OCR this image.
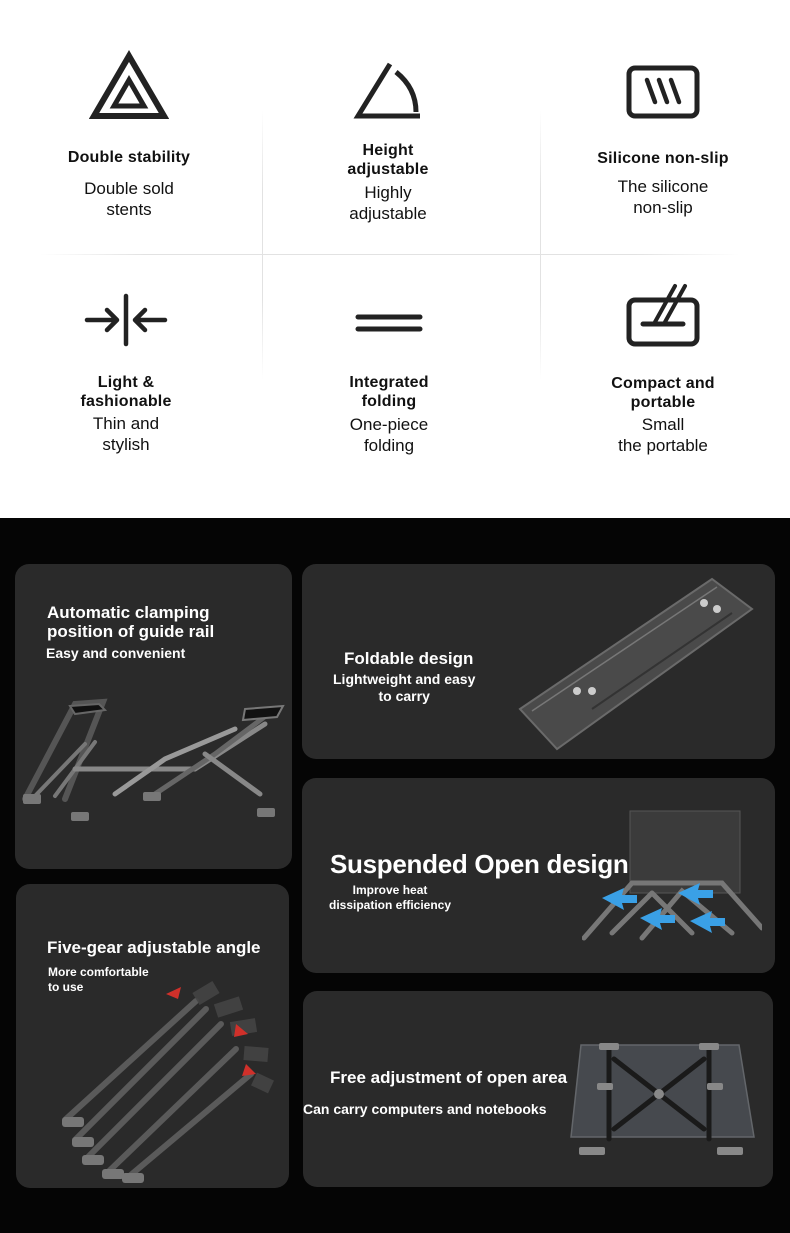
Double stability
Double sold
stents
Height
adjustable
Highly
adjustable
Silicone non-slip
The silicone
non-slip
Light &
fashionable
Thin and
stylish
Integrated
folding
One-piece
folding
Compact and
portable
Small
the portable
Automatic clamping
position of guide rail
Easy and convenient	Foldable design
Lightweight and easy
to carry
Suspended Open design
Improve heat
dissipation efficiency
Five-gear adjustable angle
More comfortable
to use
Free adjustment of open area
Can carry computers and notebooks
